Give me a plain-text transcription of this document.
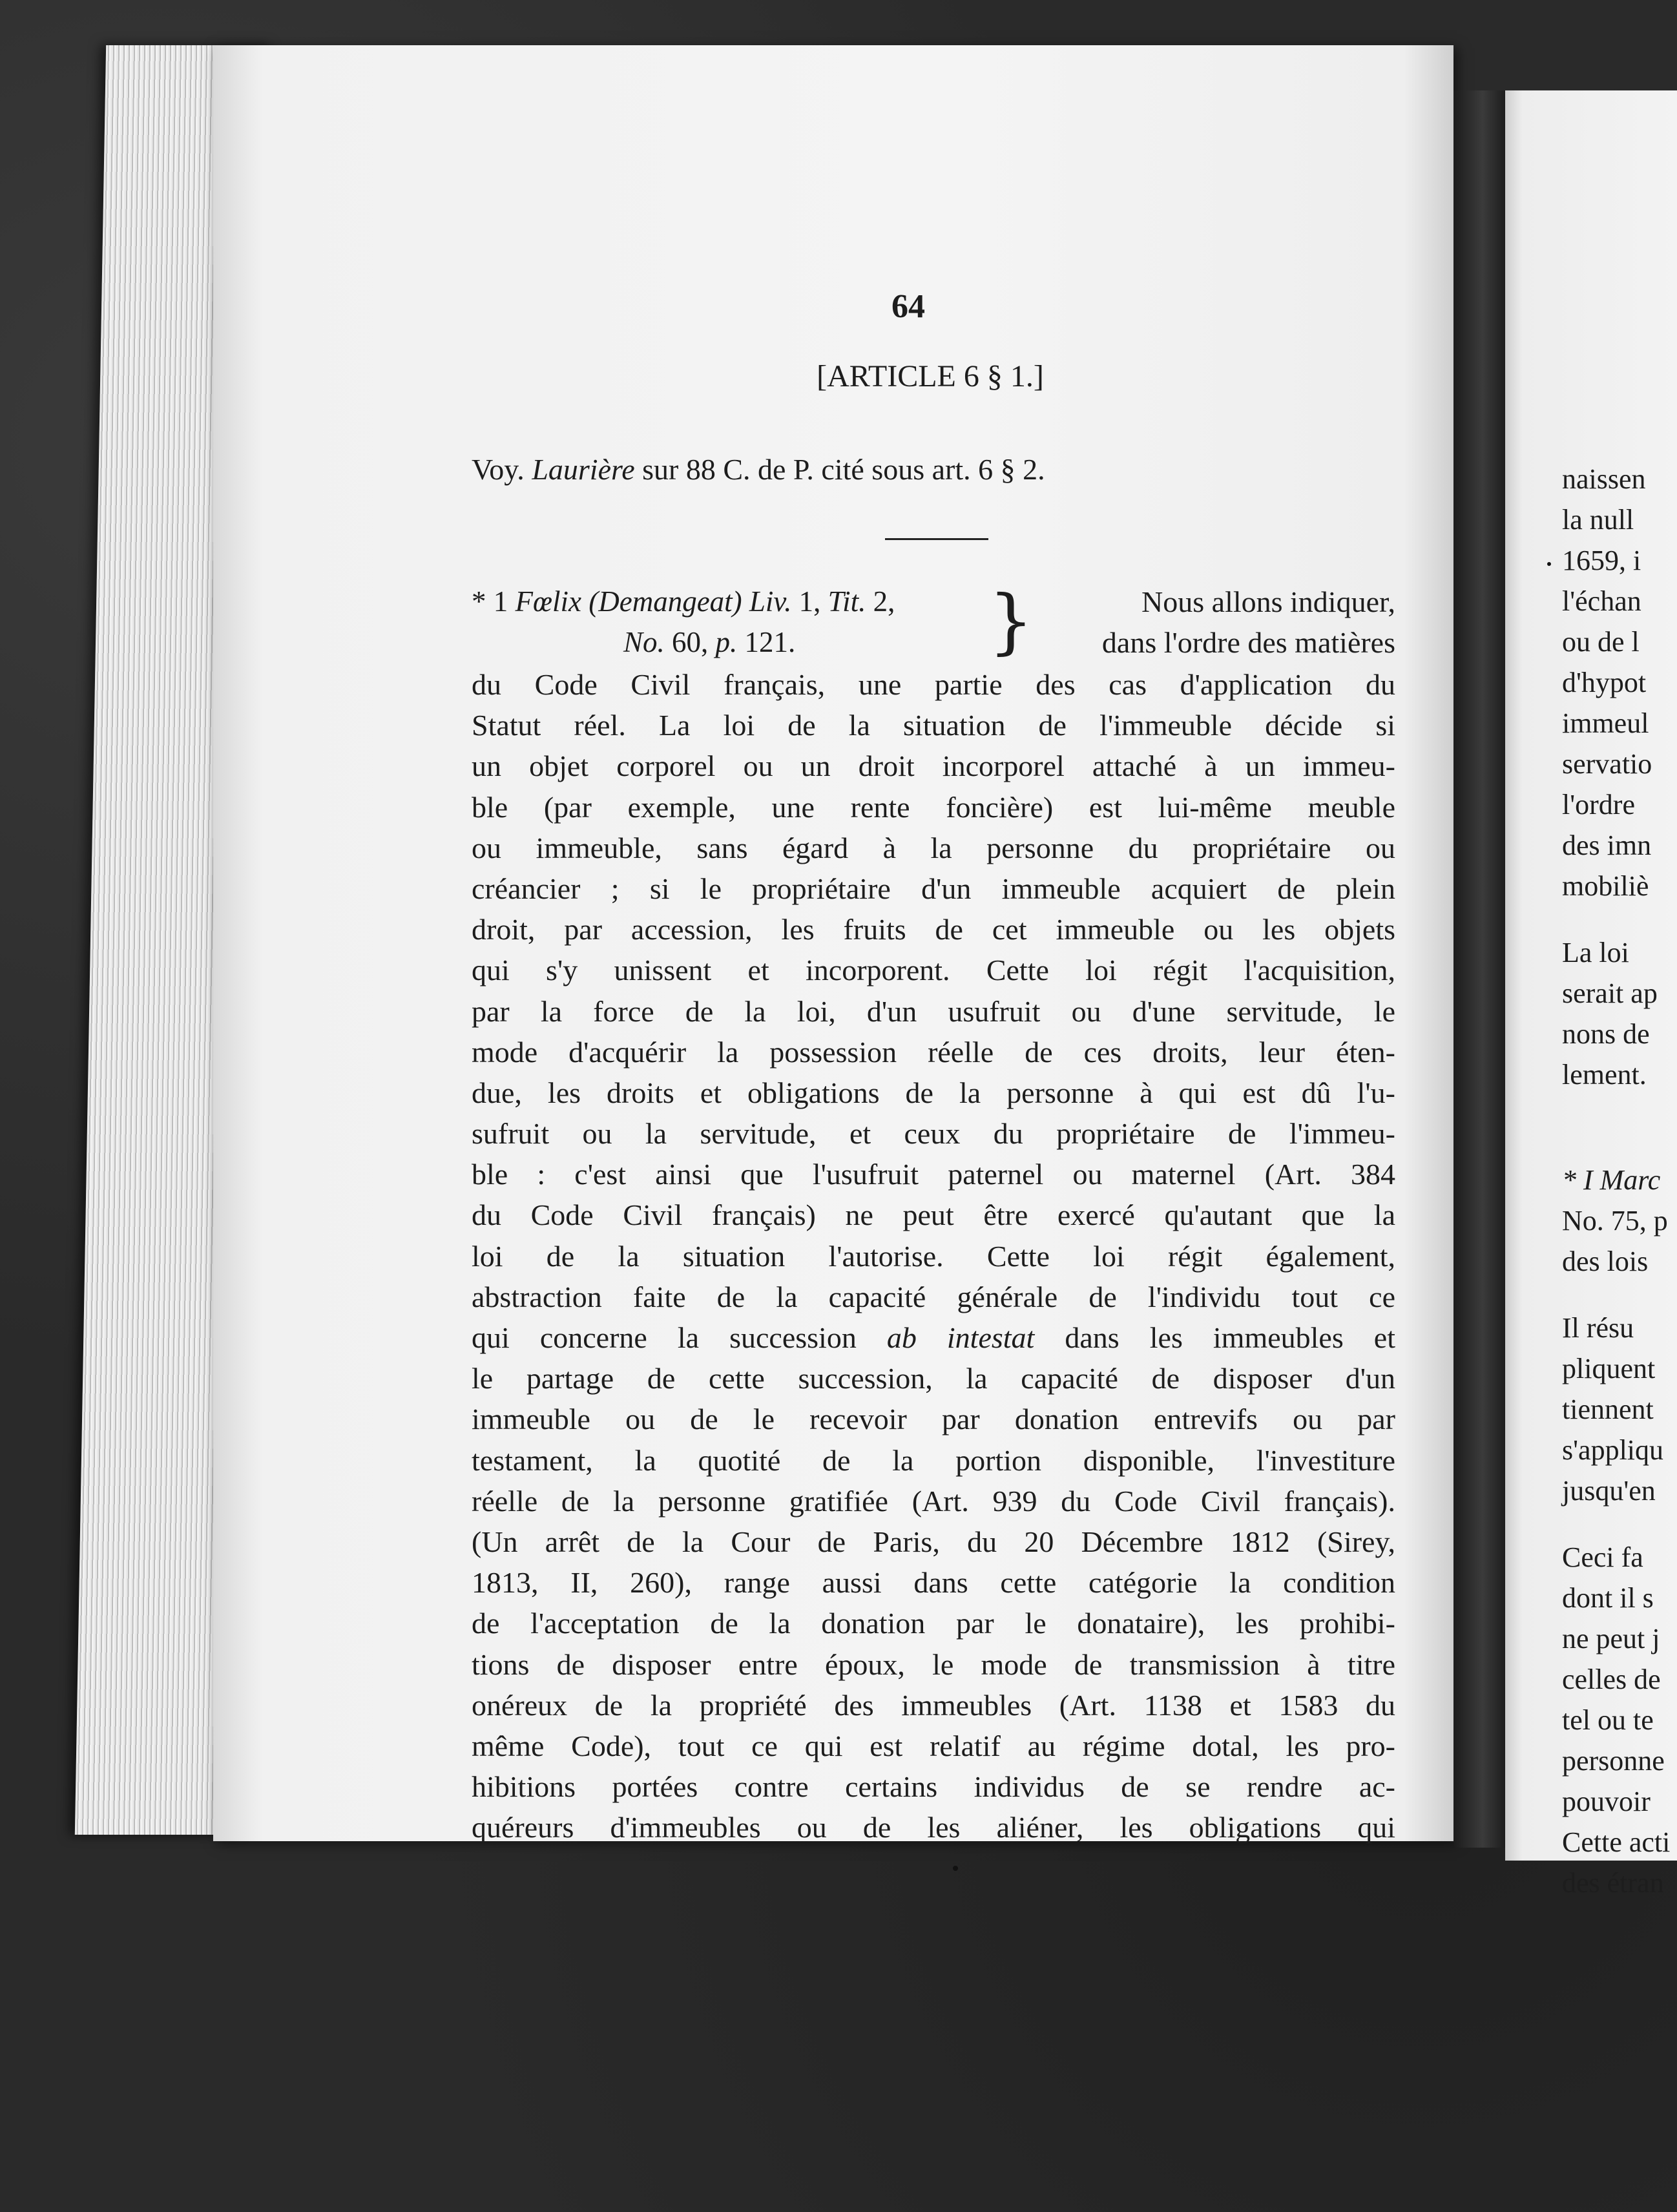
64
[ARTICLE 6 § 1.]
Voy. Laurière sur 88 C. de P. cité sous art. 6 § 2.
* 1 Fœlix (Demangeat) Liv. 1, Tit. 2,
No. 60, p. 121.	}	Nous allons indiquer,
dans l'ordre des matières
du Code Civil français, une partie des cas d'application du
Statut réel. La loi de la situation de l'immeuble décide si
un objet corporel ou un droit incorporel attaché à un immeu-
ble (par exemple, une rente foncière) est lui-même meuble
ou immeuble, sans égard à la personne du propriétaire ou
créancier ; si le propriétaire d'un immeuble acquiert de plein
droit, par accession, les fruits de cet immeuble ou les objets
qui s'y unissent et incorporent. Cette loi régit l'acquisition,
par la force de la loi, d'un usufruit ou d'une servitude, le
mode d'acquérir la possession réelle de ces droits, leur éten-
due, les droits et obligations de la personne à qui est dû l'u-
sufruit ou la servitude, et ceux du propriétaire de l'immeu-
ble : c'est ainsi que l'usufruit paternel ou maternel (Art. 384
du Code Civil français) ne peut être exercé qu'autant que la
loi de la situation l'autorise. Cette loi régit également,
abstraction faite de la capacité générale de l'individu tout ce
qui concerne la succession ab intestat dans les immeubles et
le partage de cette succession, la capacité de disposer d'un
immeuble ou de le recevoir par donation entrevifs ou par
testament, la quotité de la portion disponible, l'investiture
réelle de la personne gratifiée (Art. 939 du Code Civil français).
(Un arrêt de la Cour de Paris, du 20 Décembre 1812 (Sirey,
1813, II, 260), range aussi dans cette catégorie la condition
de l'acceptation de la donation par le donataire), les prohibi-
tions de disposer entre époux, le mode de transmission à titre
onéreux de la propriété des immeubles (Art. 1138 et 1583 du
même Code), tout ce qui est relatif au régime dotal, les pro-
hibitions portées contre certains individus de se rendre ac-
quéreurs d'immeubles ou de les aliéner, les obligations qui
naissen
la null
1659, i
l'échan
ou de l
d'hypot
immeul
servatio
l'ordre
des imn
mobiliè
La loi
serait ap
nons de
lement.
* I Marc
No. 75, p
des lois
Il résu
pliquent
tiennent
s'appliqu
jusqu'en
Ceci fa
dont il s
ne peut j
celles de
tel ou te
personne
pouvoir
Cette acti
des étran
